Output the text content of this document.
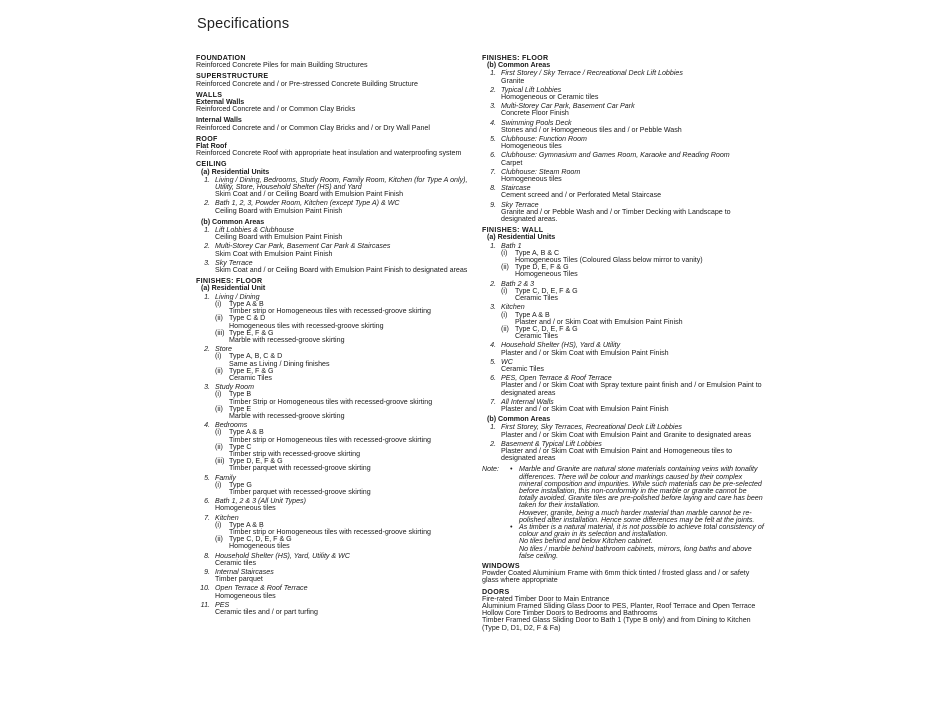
Specifications
FOUNDATION

Reinforced Concrete Piles for main Building Structures

SUPERSTRUCTURE

Reinforced Concrete and / or Pre-stressed Concrete Building Structure

WALLS
External Walls

Reinforced Concrete and / or Common Clay Bricks

Internal Walls

Reinforced Concrete and / or Common Clay Bricks and / or Dry Wall Panel

ROOF
Flat Roof

Reinforced Concrete Roof with appropriate heat insulation and waterproofing system

CEILING
(a) Residential Units
1. Living / Dining, Bedrooms, Study Room, Family Room, Kitchen (for Type A only), Utility, Store, Household Shelter (HS) and Yard

Skim Coat and / or Ceiling Board with Emulsion Paint Finish

2. Bath 1, 2, 3, Powder Room, Kitchen (except Type A) & WC

Ceiling Board with Emulsion Paint Finish

(b) Common Areas
1. Lift Lobbies & Clubhouse

Ceiling Board with Emulsion Paint Finish

2. Multi-Storey Car Park, Basement Car Park & Staircases

Skim Coat with Emulsion Paint Finish

3. Sky Terrace

Skim Coat and / or Ceiling Board with Emulsion Paint Finish to designated areas

FINISHES: FLOOR
(a) Residential Unit
1. Living / Dining
(i)	Type A & B
Timber strip or Homogeneous tiles with recessed-groove skirting
(ii) Type C & D
Homogeneous tiles with recessed-groove skirting
(iii) Type E, F & G
Marble with recessed-groove skirting
2. Store
(i)	Type A, B, C & D
Same as Living / Dining finishes
(ii) Type E, F & G
Ceramic Tiles
3. Study Room
(i)	Type B
Timber Strip or Homogeneous tiles with recessed-groove skirting
(ii) Type E
Marble with recessed-groove skirting
4. Bedrooms
(i)	Type A & B
Timber strip or Homogeneous tiles with recessed-groove skirting
(ii) Type C
Timber strip with recessed-groove skirting
(iii) Type D, E, F & G
Timber parquet with recessed-groove skirting
5. Family
(i)	Type G
Timber parquet with recessed-groove skirting
6. Bath 1, 2 & 3 (All Unit Types)

Homogeneous tiles

7. Kitchen
(i)	Type A & B
Timber strip or Homogeneous tiles with recessed-groove skirting
(ii) Type C, D, E, F & G
Homogeneous tiles
8. Household Shelter (HS), Yard, Utility & WC

Ceramic tiles

9. Internal Staircases

Timber parquet

10. Open Terrace & Roof Terrace

Homogeneous tiles

11. PES

Ceramic tiles and / or part turfing

FINISHES: FLOOR
(b) Common Areas
1. First Storey / Sky Terrace / Recreational Deck Lift Lobbies

Granite

2. Typical Lift Lobbies

Homogeneous or Ceramic tiles

3. Multi-Storey Car Park, Basement Car Park

Concrete Floor Finish

4. Swimming Pools Deck

Stones and / or Homogeneous tiles and / or Pebble Wash

5. Clubhouse: Function Room

Homogeneous tiles

6. Clubhouse: Gymnasium and Games Room, Karaoke and Reading Room

Carpet

7. Clubhouse: Steam Room

Homogeneous tiles

8. Staircase

Cement screed and / or Perforated Metal Staircase

9. Sky Terrace

Granite and / or Pebble Wash and / or Timber Decking with Landscape to designated areas.

FINISHES: WALL
(a) Residential Units
1. Bath 1
(i)	Type A, B & C
Homogeneous Tiles (Coloured Glass below mirror to vanity)
(ii) Type D, E, F & G
Homogeneous Tiles
2. Bath 2 & 3
(i)	Type C, D, E, F & G
Ceramic Tiles
3. Kitchen
(i)	Type A & B
Plaster and / or Skim Coat with Emulsion Paint Finish
(ii) Type C, D, E, F & G
Ceramic Tiles
4. Household Shelter (HS), Yard & Utility

Plaster and / or Skim Coat with Emulsion Paint Finish

5. WC

Ceramic Tiles

6. PES, Open Terrace & Roof Terrace

Plaster and / or Skim Coat with Spray texture paint finish and / or Emulsion Paint to designated areas

7. All Internal Walls

Plaster and / or Skim Coat with Emulsion Paint Finish

(b) Common Areas
1. First Storey, Sky Terraces, Recreational Deck Lift Lobbies

Plaster and / or Skim Coat with Emulsion Paint and Granite to designated areas

2. Basement & Typical Lift Lobbies

Plaster and / or Skim Coat with Emulsion Paint and Homogeneous tiles to designated areas

Note:	• Marble and Granite are natural stone materials containing veins with tonality differences. There will be colour and markings caused by their complex mineral composition and impurities. While such materials can be pre-selected before installation, this non-conformity in the marble or granite cannot be totally avoided. Granite tiles are pre-polished before laying and care has been taken for their installation.
However, granite, being a much harder material than marble cannot be re-polished after installation. Hence some differences may be felt at the joints.
• As timber is a natural material, it is not possible to achieve total consistency of colour and grain in its selection and installation.
No tiles behind and below Kitchen cabinet.
No tiles / marble behind bathroom cabinets, mirrors, long baths and above false ceiling.
WINDOWS

Powder Coated Aluminium Frame with 6mm thick tinted / frosted glass and / or safety glass where appropriate

DOORS

Fire-rated Timber Door to Main Entrance

Aluminium Framed Sliding Glass Door to PES, Planter, Roof Terrace and Open Terrace

Hollow Core Timber Doors to Bedrooms and Bathrooms

Timber Framed Glass Sliding Door to Bath 1 (Type B only) and from Dining to Kitchen (Type D, D1, D2, F & Fa)
